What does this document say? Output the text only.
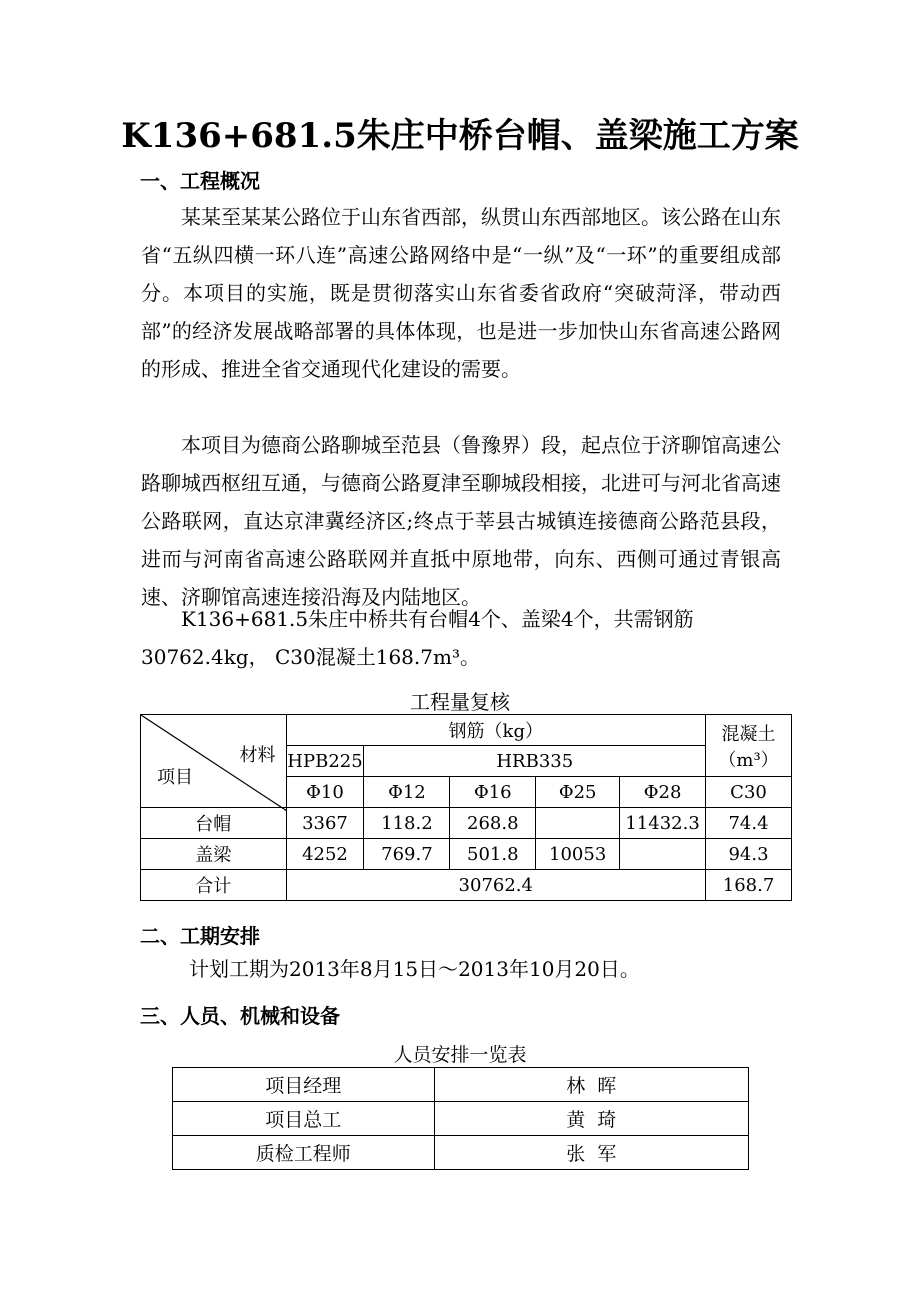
K136+681.5朱庄中桥台帽、盖梁施工方案
一、工程概况
某某至某某公路位于山东省西部，纵贯山东西部地区。该公路在山东省“五纵四横一环八连”高速公路网络中是“一纵”及“一环”的重要组成部分。本项目的实施，既是贯彻落实山东省委省政府“突破菏泽，带动西部”的经济发展战略部署的具体体现，也是进一步加快山东省高速公路网的形成、推进全省交通现代化建设的需要。
本项目为德商公路聊城至范县（鲁豫界）段，起点位于济聊馆高速公路聊城西枢纽互通，与德商公路夏津至聊城段相接，北进可与河北省高速公路联网，直达京津冀经济区;终点于莘县古城镇连接德商公路范县段，进而与河南省高速公路联网并直抵中原地带，向东、西侧可通过青银高速、济聊馆高速连接沿海及内陆地区。
K136+681.5朱庄中桥共有台帽4个、盖梁4个，共需钢筋
30762.4kg， C30混凝土168.7m³。
工程量复核
材料
项目	钢筋（kg）					混凝土
（m³）
	HPB225	HRB335				
	Φ10	Φ12	Φ16	Φ25	Φ28	C30
台帽	3367	118.2	268.8		11432.3	74.4
盖梁	4252	769.7	501.8	10053		94.3
合计	30762.4					168.7
二、工期安排
计划工期为2013年8月15日～2013年10月20日。
三、人员、机械和设备
人员安排一览表
项目经理	林  晖
项目总工	黄  琦
质检工程师	张  军
